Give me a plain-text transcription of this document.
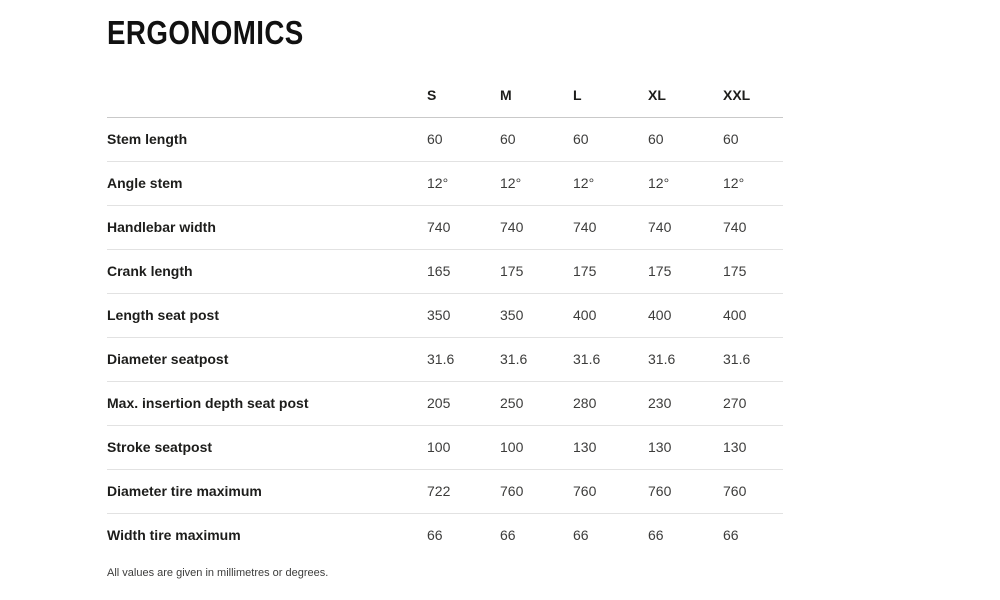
ERGONOMICS
	S	M	L	XL	XXL
Stem length	60	60	60	60	60
Angle stem	12°	12°	12°	12°	12°
Handlebar width	740	740	740	740	740
Crank length	165	175	175	175	175
Length seat post	350	350	400	400	400
Diameter seatpost	31.6	31.6	31.6	31.6	31.6
Max. insertion depth seat post	205	250	280	230	270
Stroke seatpost	100	100	130	130	130
Diameter tire maximum	722	760	760	760	760
Width tire maximum	66	66	66	66	66

All values are given in millimetres or degrees.
